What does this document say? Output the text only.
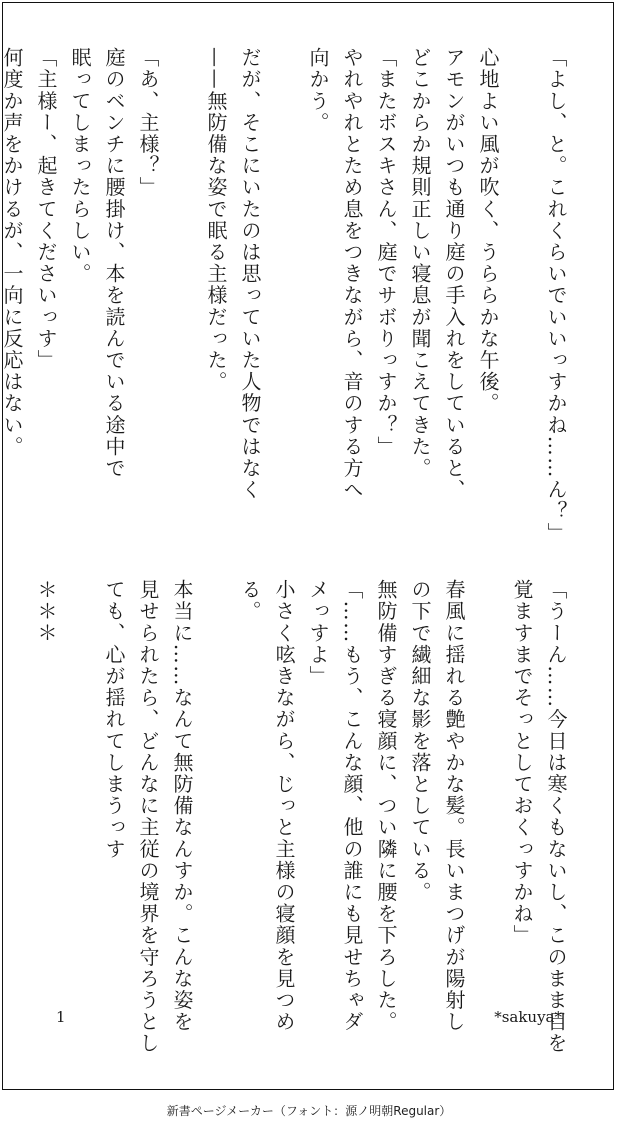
「よし、と。これくらいでいいっすかね……ん？」

心地よい風が吹く、うららかな午後。

アモンがいつも通り庭の手入れをしていると、

どこからか規則正しい寝息が聞こえてきた。

「またボスキさん、庭でサボりっすか？」

やれやれとため息をつきながら、音のする方へ

向かう。

だが、そこにいたのは思っていた人物ではなく

——無防備な姿で眠る主様だった。

「あ、主様？」

庭のベンチに腰掛け、本を読んでいる途中で

眠ってしまったらしい。

「主様ー、起きてくださいっす」

何度か声をかけるが、一向に反応はない。

「うーん……今日は寒くもないし、このまま目を

覚ますまでそっとしておくっすかね」

春風に揺れる艶やかな髪。長いまつげが陽射し

の下で繊細な影を落としている。

無防備すぎる寝顔に、つい隣に腰を下ろした。

「……もう、こんな顔、他の誰にも見せちゃダ

メっすよ」

小さく呟きながら、じっと主様の寝顔を見つめ

る。

本当に……なんて無防備なんすか。こんな姿を

見せられたら、どんなに主従の境界を守ろうとし

ても、心が揺れてしまうっす

＊＊＊

1	*sakuya*
新書ページメーカー（フォント：源ノ明朝Regular）
